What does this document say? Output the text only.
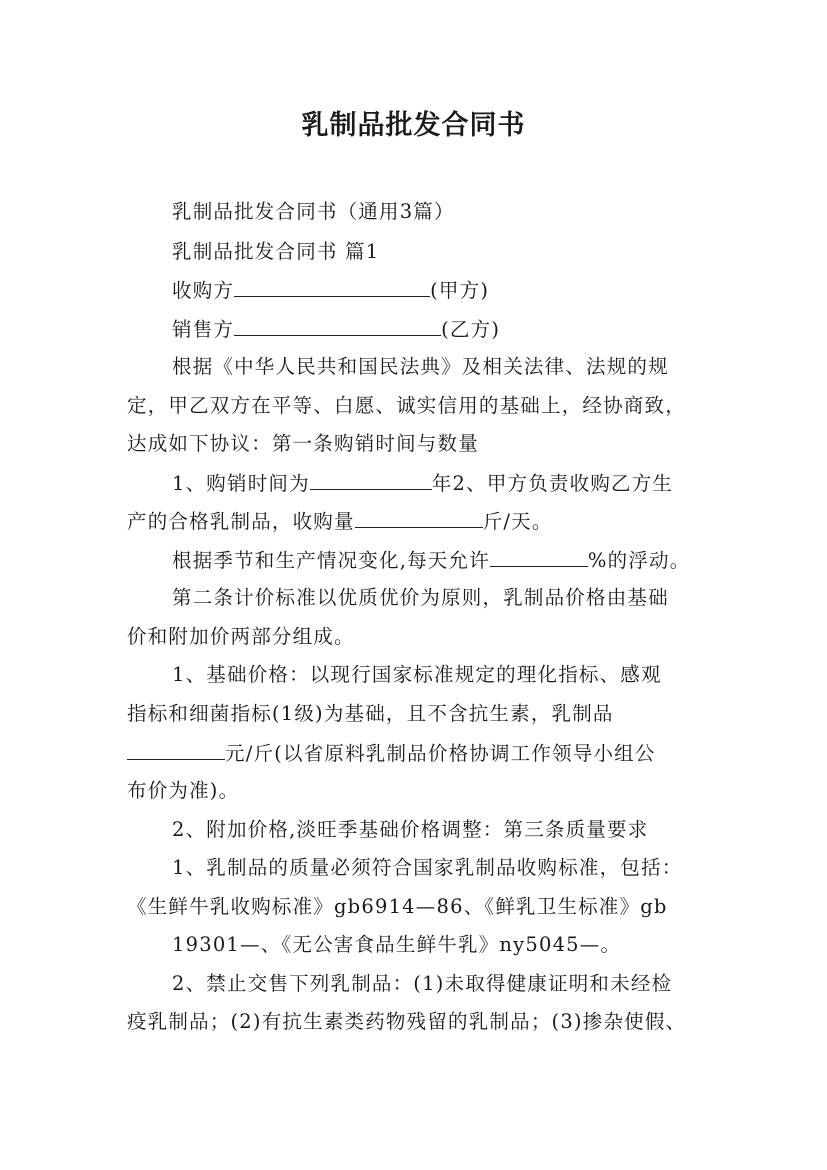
乳制品批发合同书
乳制品批发合同书（通用3篇）
乳制品批发合同书 篇1
收购方	(甲方)
销售方	(乙方)
根据《中华人民共和国民法典》及相关法律、法规的规
定，甲乙双方在平等、白愿、诚实信用的基础上，经协商致，
达成如下协议：第一条购销时间与数量
1、购销时间为	年2、甲方负责收购乙方生
产的合格乳制品，收购量	斤/天。
根据季节和生产情况变化,每天允许	%的浮动。
第二条计价标准以优质优价为原则，乳制品价格由基础
价和附加价两部分组成。
1、基础价格：以现行国家标准规定的理化指标、感观
指标和细菌指标(1级)为基础，且不含抗生素，乳制品
元/斤(以省原料乳制品价格协调工作领导小组公
布价为准)。
2、附加价格,淡旺季基础价格调整：第三条质量要求
1、乳制品的质量必须符合国家乳制品收购标准，包括：
《生鲜牛乳收购标准》gb6914—86、《鲜乳卫生标准》gb
19301—、《无公害食品生鲜牛乳》ny5045—。
2、禁止交售下列乳制品：(1)未取得健康证明和未经检
疫乳制品；(2)有抗生素类药物残留的乳制品；(3)掺杂使假、
